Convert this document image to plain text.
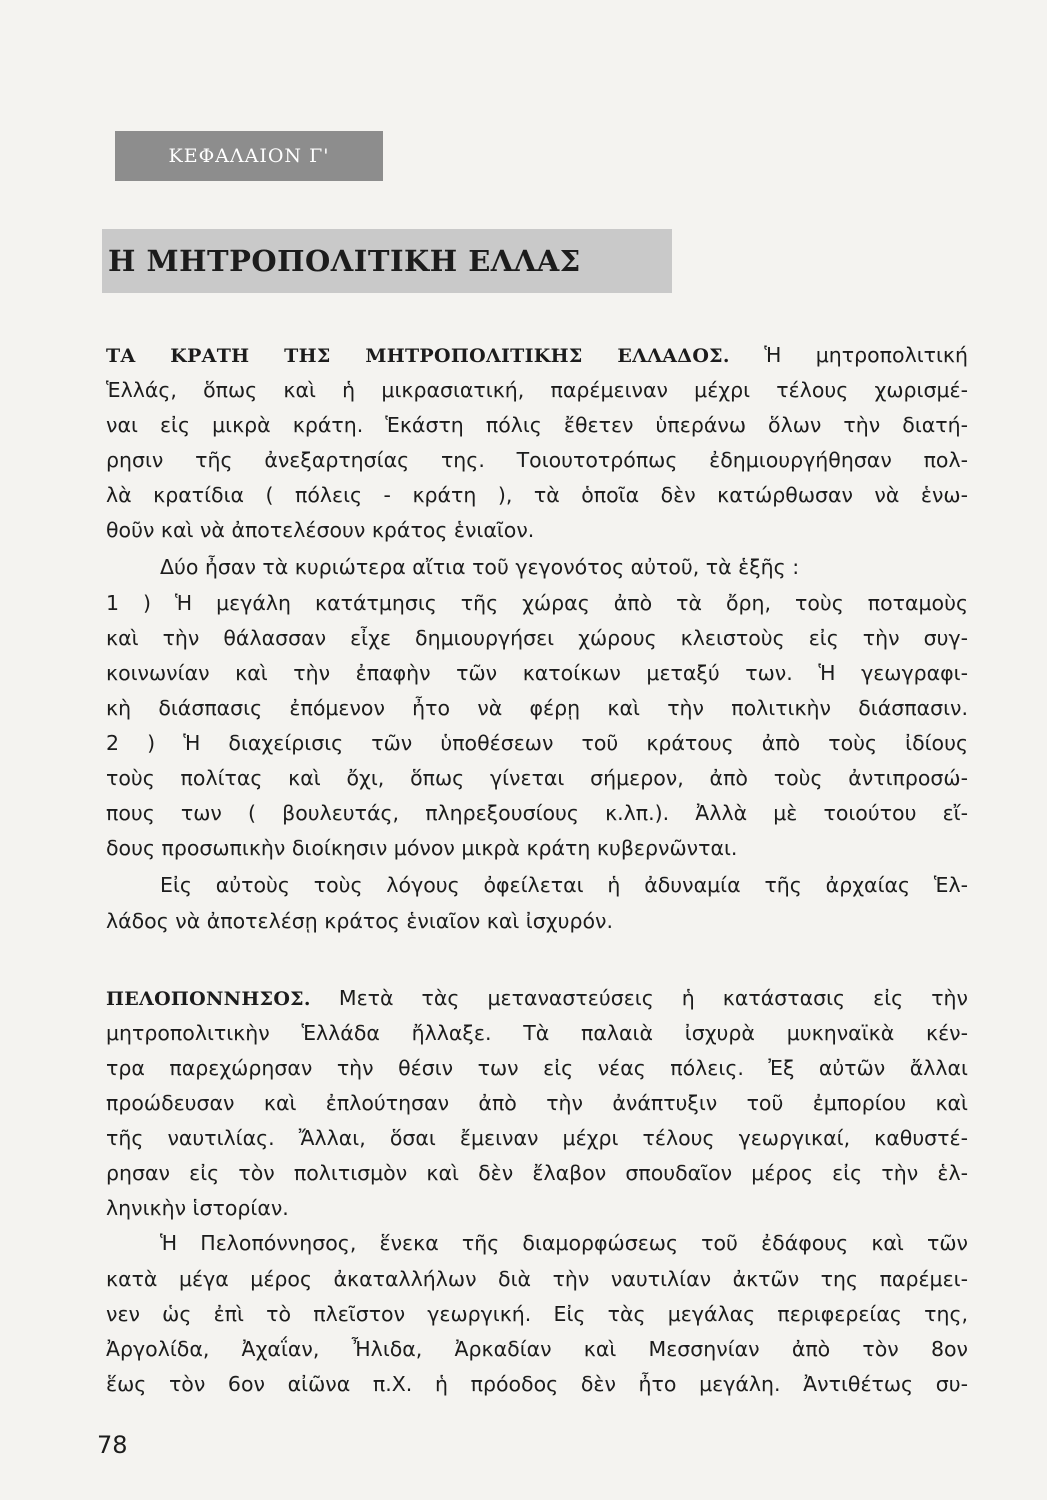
ΚΕΦΑΛΑΙΟΝ Γ'
Η ΜΗΤΡΟΠΟΛΙΤΙΚΗ ΕΛΛΑΣ
ΤΑ ΚΡΑΤΗ ΤΗΣ ΜΗΤΡΟΠΟΛΙΤΙΚΗΣ ΕΛΛΑΔΟΣ. Ἡ μητροπολιτική
Ἑλλάς, ὅπως καὶ ἡ μικρασιατική, παρέμειναν μέχρι τέλους χωρισμέ-
ναι εἰς μικρὰ κράτη. Ἑκάστη πόλις ἔθετεν ὑπεράνω ὅλων τὴν διατή-
ρησιν τῆς ἀνεξαρτησίας της. Τοιουτοτρόπως ἐδημιουργήθησαν πολ-
λὰ κρατίδια ( πόλεις - κράτη ), τὰ ὁποῖα δὲν κατώρθωσαν νὰ ἑνω-
θοῦν καὶ νὰ ἀποτελέσουν κράτος ἑνιαῖον.
Δύο ἦσαν τὰ κυριώτερα αἴτια τοῦ γεγονότος αὐτοῦ, τὰ ἑξῆς :
1 ) Ἡ μεγάλη κατάτμησις τῆς χώρας ἀπὸ τὰ ὄρη, τοὺς ποταμοὺς
καὶ τὴν θάλασσαν εἶχε δημιουργήσει χώρους κλειστοὺς εἰς τὴν συγ-
κοινωνίαν καὶ τὴν ἐπαφὴν τῶν κατοίκων μεταξύ των. Ἡ γεωγραφι-
κὴ διάσπασις ἐπόμενον ἦτο νὰ φέρῃ καὶ τὴν πολιτικὴν διάσπασιν.
2 ) Ἡ διαχείρισις τῶν ὑποθέσεων τοῦ κράτους ἀπὸ τοὺς ἰδίους
τοὺς πολίτας καὶ ὄχι, ὅπως γίνεται σήμερον, ἀπὸ τοὺς ἀντιπροσώ-
πους των ( βουλευτάς, πληρεξουσίους κ.λπ.). Ἀλλὰ μὲ τοιούτου εἴ-
δους προσωπικὴν διοίκησιν μόνον μικρὰ κράτη κυβερνῶνται.
Εἰς αὐτοὺς τοὺς λόγους ὀφείλεται ἡ ἀδυναμία τῆς ἀρχαίας Ἑλ-
λάδος νὰ ἀποτελέσῃ κράτος ἑνιαῖον καὶ ἰσχυρόν.
ΠΕΛΟΠΟΝΝΗΣΟΣ. Μετὰ τὰς μεταναστεύσεις ἡ κατάστασις εἰς τὴν
μητροπολιτικὴν Ἑλλάδα ἤλλαξε. Τὰ παλαιὰ ἰσχυρὰ μυκηναϊκὰ κέν-
τρα παρεχώρησαν τὴν θέσιν των εἰς νέας πόλεις. Ἐξ αὐτῶν ἄλλαι
προώδευσαν καὶ ἐπλούτησαν ἀπὸ τὴν ἀνάπτυξιν τοῦ ἐμπορίου καὶ
τῆς ναυτιλίας. Ἄλλαι, ὅσαι ἔμειναν μέχρι τέλους γεωργικαί, καθυστέ-
ρησαν εἰς τὸν πολιτισμὸν καὶ δὲν ἔλαβον σπουδαῖον μέρος εἰς τὴν ἑλ-
ληνικὴν ἱστορίαν.
Ἡ Πελοπόννησος, ἕνεκα τῆς διαμορφώσεως τοῦ ἐδάφους καὶ τῶν
κατὰ μέγα μέρος ἀκαταλλήλων διὰ τὴν ναυτιλίαν ἀκτῶν της παρέμει-
νεν ὡς ἐπὶ τὸ πλεῖστον γεωργική. Εἰς τὰς μεγάλας περιφερείας της,
Ἀργολίδα, Ἀχαΐαν, Ἦλιδα, Ἀρκαδίαν καὶ Μεσσηνίαν ἀπὸ τὸν 8ον
ἕως τὸν 6ον αἰῶνα π.Χ. ἡ πρόοδος δὲν ἦτο μεγάλη. Ἀντιθέτως συ-
78
